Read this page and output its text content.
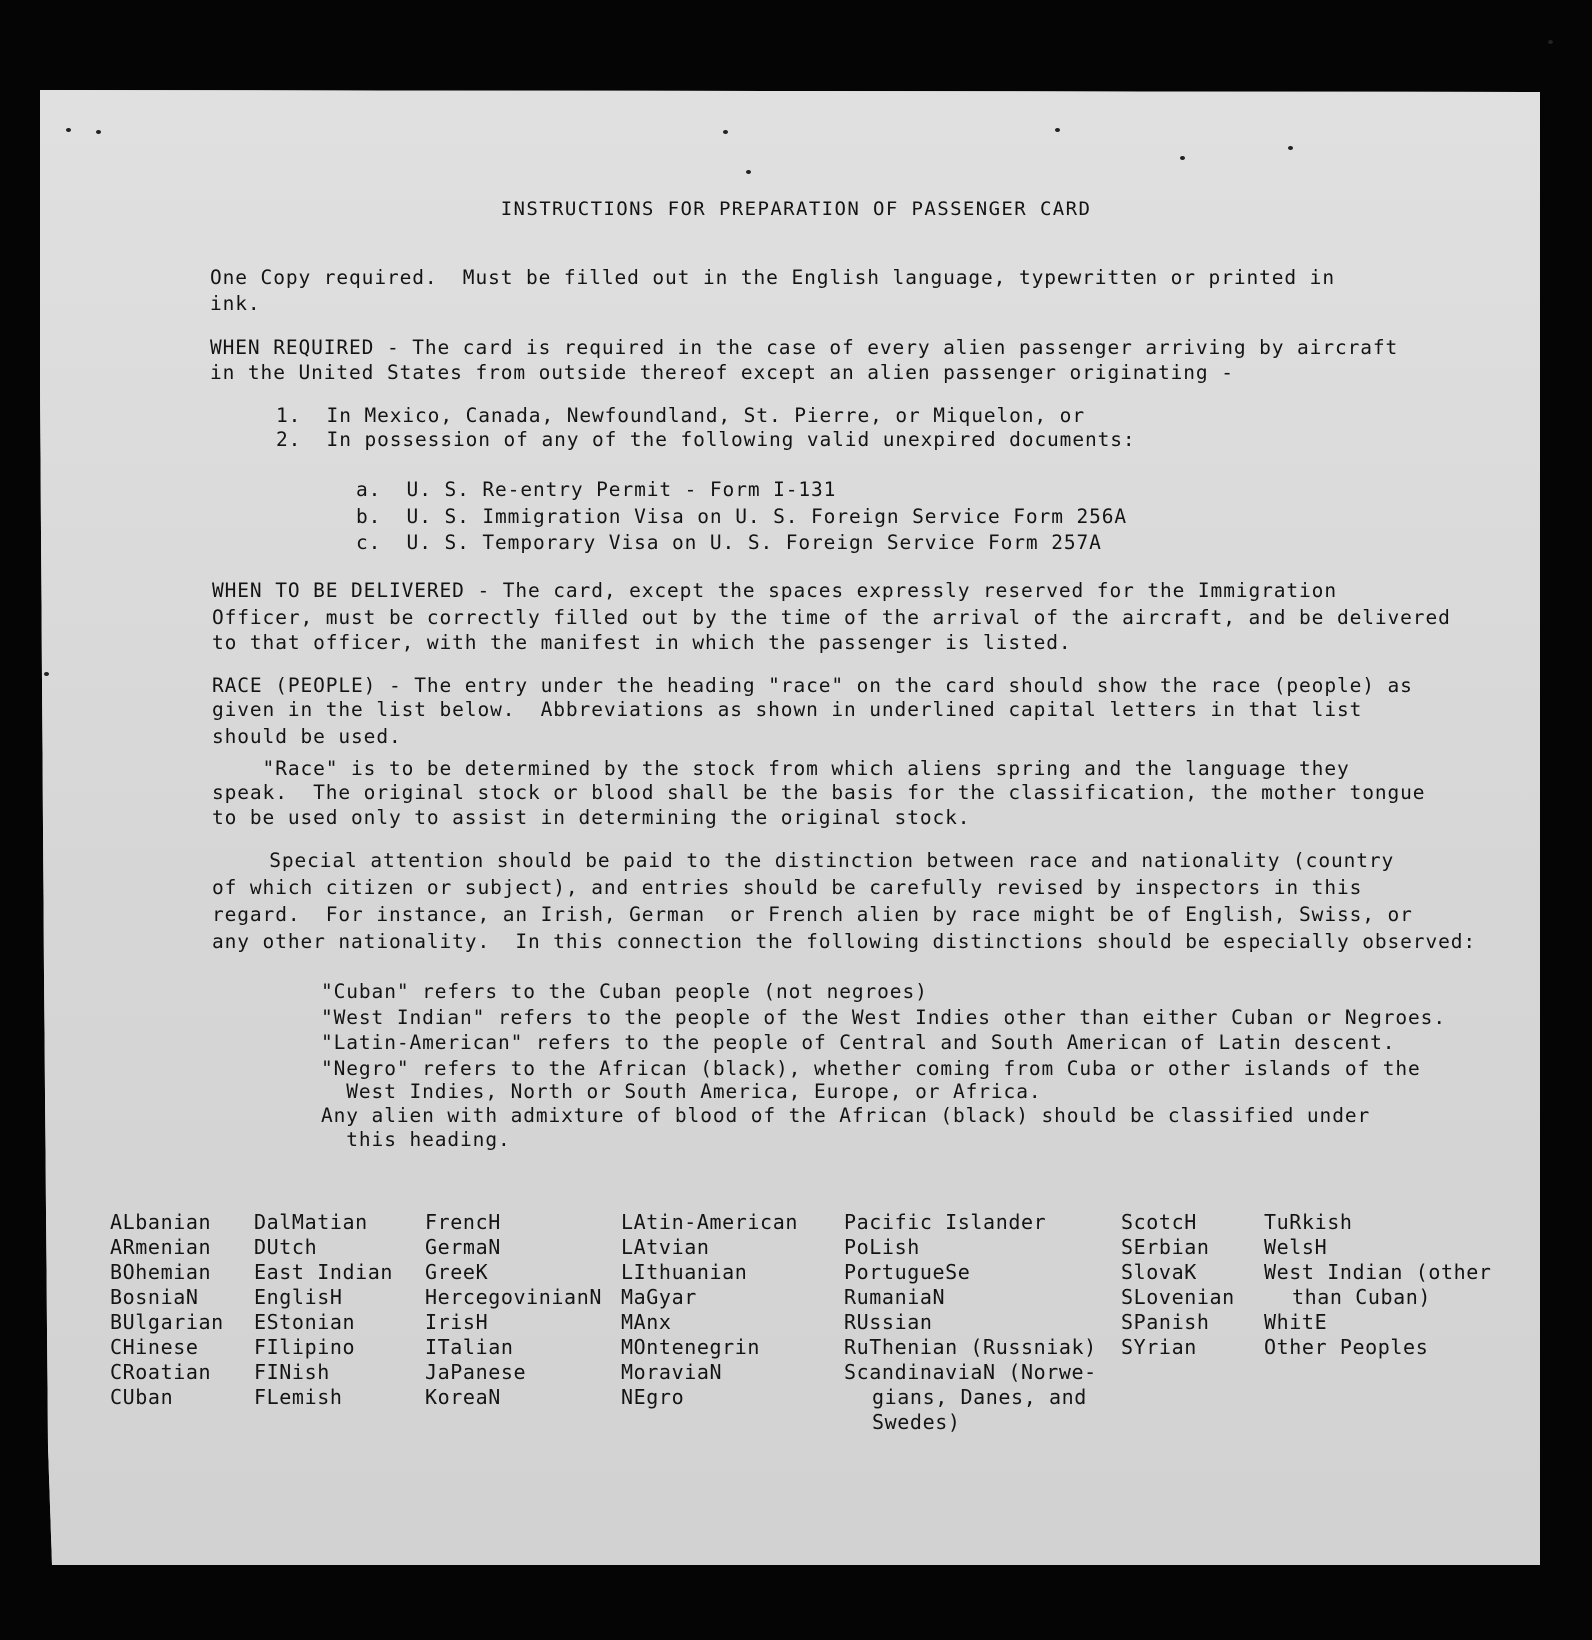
INSTRUCTIONS FOR PREPARATION OF PASSENGER CARD
One Copy required.  Must be filled out in the English language, typewritten or printed in
ink.
WHEN REQUIRED - The card is required in the case of every alien passenger arriving by aircraft
in the United States from outside thereof except an alien passenger originating -
1.  In Mexico, Canada, Newfoundland, St. Pierre, or Miquelon, or
2.  In possession of any of the following valid unexpired documents:
a.  U. S. Re-entry Permit - Form I-131
b.  U. S. Immigration Visa on U. S. Foreign Service Form 256A
c.  U. S. Temporary Visa on U. S. Foreign Service Form 257A
WHEN TO BE DELIVERED - The card, except the spaces expressly reserved for the Immigration
Officer, must be correctly filled out by the time of the arrival of the aircraft, and be delivered
to that officer, with the manifest in which the passenger is listed.
RACE (PEOPLE) - The entry under the heading "race" on the card should show the race (people) as
given in the list below.  Abbreviations as shown in underlined capital letters in that list
should be used.
"Race" is to be determined by the stock from which aliens spring and the language they
speak.  The original stock or blood shall be the basis for the classification, the mother tongue
to be used only to assist in determining the original stock.
Special attention should be paid to the distinction between race and nationality (country
of which citizen or subject), and entries should be carefully revised by inspectors in this
regard.  For instance, an Irish, German  or French alien by race might be of English, Swiss, or
any other nationality.  In this connection the following distinctions should be especially observed:
"Cuban" refers to the Cuban people (not negroes)
"West Indian" refers to the people of the West Indies other than either Cuban or Negroes.
"Latin-American" refers to the people of Central and South American of Latin descent.
"Negro" refers to the African (black), whether coming from Cuba or other islands of the
West Indies, North or South America, Europe, or Africa.
Any alien with admixture of blood of the African (black) should be classified under
this heading.
ALbanian
ARmenian
BOhemian
BosniaN
BUlgarian
CHinese
CRoatian
CUban
DalMatian
DUtch
East Indian
EnglisH
EStonian
FIlipino
FINish
FLemish
FrencH
GermaN
GreeK
HercegovinianN
IrisH
ITalian
JaPanese
KoreaN
LAtin-American
LAtvian
LIthuanian
MaGyar
MAnx
MOntenegrin
MoraviaN
NEgro
Pacific Islander
PoLish
PortugueSe
RumaniaN
RUssian
RuThenian (Russniak)
ScandinaviaN (Norwe-
gians, Danes, and
Swedes)
ScotcH
SErbian
SlovaK
SLovenian
SPanish
SYrian
TuRkish
WelsH
West Indian (other
than Cuban)
WhitE
Other Peoples
